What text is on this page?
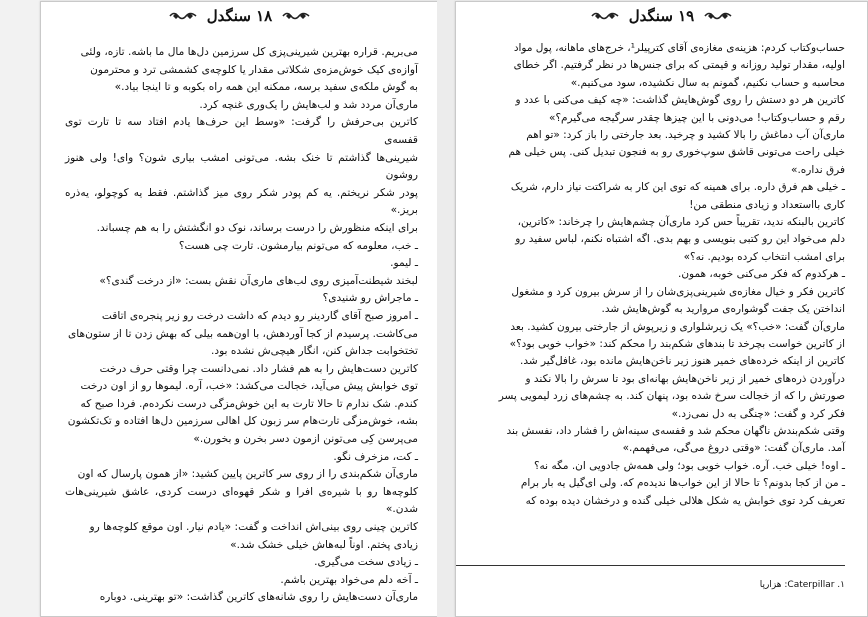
۱۸ سنگدل

می‌بریم. قراره بهترین شیرینی‌پزی کل سرزمین دل‌ها مال ما باشه. تازه، ولئی

آوازه‌ی کیک خوش‌مزه‌ی شکلاتی مقدار یا کلوچه‌ی کشمشی ترد و محترمون

به گوش ملکه‌ی سفید برسه، ممکنه این همه راه بکوبه و تا اینجا بیاد.»

ماری‌آن مردد شد و لب‌هایش را یک‌وری غنچه کرد.

کاترین بی‌حرفش را گرفت: «وسط این حرف‌ها یادم افتاد سه تا تارت توی قفسه‌ی

شیرینی‌ها گذاشتم تا خنک بشه. می‌تونی امشب بیاری شون؟ وای! ولی هنوز روشون

پودر شکر نریختم. یه کم پودر شکر روی میز گذاشتم. فقط یه کوچولو، یه‌ذره بریز.»

برای اینکه منظورش را درست برساند، نوک دو انگشتش را به هم چسباند.

ـ خب، معلومه که می‌تونم بیارمشون. تارت چی هست؟

ـ لیمو.

لبخند شیطنت‌آمیزی روی لب‌های ماری‌آن نقش بست: «از درخت گندی؟»

ـ ماجراش رو شنیدی؟

ـ امروز صبح آقای گاردینر رو دیدم که داشت درخت رو زیر پنجره‌ی اتاقت

می‌کاشت. پرسیدم از کجا آوردهش، با اون‌همه بیلی که بهش زدن تا از ستون‌های

تختخوابت جداش کنن، انگار هیچی‌ش نشده بود.

کاترین دست‌هایش را به هم فشار داد. نمی‌دانست چرا وقتی حرف درخت

توی خوابش پیش می‌آید، خجالت می‌کشد: «خب، آره. لیموها رو از اون درخت

کندم. شک ندارم تا حالا تارت به این خوش‌مزگی درست نکرده‌م. فردا صبح که

بشه، خوش‌مزگی تارت‌هام سر زبون کل اهالی سرزمین دل‌ها افتاده و تک‌تکشون

می‌پرسن کِی می‌تونن ازمون دسر بخرن و بخورن.»

ـ کت، مزخرف نگو.

ماری‌آن شکم‌بندی را از روی سر کاترین پایین کشید: «از همون پارسال که اون

کلوچه‌ها رو با شیره‌ی افرا و شکر قهوه‌ای درست کردی، عاشق شیرینی‌هات شدن.»

کاترین چینی روی بینی‌اش انداخت و گفت: «یادم نیار. اون موقع کلوچه‌ها رو

زیادی پختم. اوناً لبه‌هاش خیلی خشک شد.»

ـ زیادی سخت می‌گیری.

ـ آخه دلم می‌خواد بهترین باشم.

ماری‌آن دست‌هایش را روی شانه‌های کاترین گذاشت: «تو بهترینی. دوباره

۱۹ سنگدل

حساب‌وکتاب کردم: هزینه‌ی مغازه‌ی آقای کترپیلر¹، خرج‌های ماهانه، پول مواد

اولیه، مقدار تولید روزانه و قیمتی که برای جنس‌ها در نظر گرفتیم. اگر خطای

محاسبه و حساب نکنیم، گمونم به سال نکشیده، سود می‌کنیم.»

کاترین هر دو دستش را روی گوش‌هایش گذاشت: «چه کیف می‌کنی با عدد و

رقم و حساب‌وکتاب! می‌دونی با این چیزها چقدر سرگیجه می‌گیرم؟»

ماری‌آن آب دماغش را بالا کشید و چرخید. بعد جارختی را باز کرد: «تو اهم

خیلی راحت می‌تونی قاشق سوپ‌خوری رو به فنجون تبدیل کنی. پس خیلی هم

فرق نداره.»

ـ خیلی هم فرق داره. برای همینه که توی این کار به شراکتت نیاز دارم، شریک

کاری بااستعداد و زیادی منطقی من!

کاترین بالبنکه ندید، تقریباً حس کرد ماری‌آن چشم‌هایش را چرخاند: «کاترین،

دلم می‌خواد این رو کتبی بنویسی و بهم بدی. اگه اشتباه نکنم، لباس سفید رو

برای امشب انتخاب کرده بودیم. نه؟»

ـ هرکدوم که فکر می‌کنی خوبه، همون.

کاترین فکر و خیال مغازه‌ی شیرینی‌پزی‌شان را از سرش بیرون کرد و مشغول

انداختن یک جفت گوشواره‌ی مروارید به گوش‌هایش شد.

ماری‌آن گفت: «خب؟» یک زیرشلواری و زیرپوش از جارختی بیرون کشید. بعد

از کاترین خواست بچرخد تا بندهای شکم‌بند را محکم کند: «خواب خوبی بود؟»

کاترین از اینکه خرده‌های خمیر هنوز زیر ناخن‌هایش مانده بود، غافل‌گیر شد.

درآوردن ذره‌های خمیر از زیر ناخن‌هایش بهانه‌ای بود تا سرش را بالا نکند و

صورتش را که از خجالت سرخ شده بود، پنهان کند. به چشم‌های زرد لیمویی پسر

فکر کرد و گفت: «چنگی به دل نمی‌زد.»

وقتی شکم‌بندش ناگهان محکم شد و قفسه‌ی سینه‌اش را فشار داد، نفسش بند

آمد. ماری‌آن گفت: «وقتی دروغ می‌گی، می‌فهمم.»

ـ اوه! خیلی خب. آره. خواب خوبی بود؛ ولی همه‌ش جادویی ان. مگه نه؟

ـ من از کجا بدونم؟ تا حالا از این خواب‌ها ندیده‌م که. ولی ای‌گیل یه بار برام

تعریف کرد توی خوابش یه شکل هلالی خیلی گنده و درخشان دیده بوده که

۱. Caterpillar: هزارپا
